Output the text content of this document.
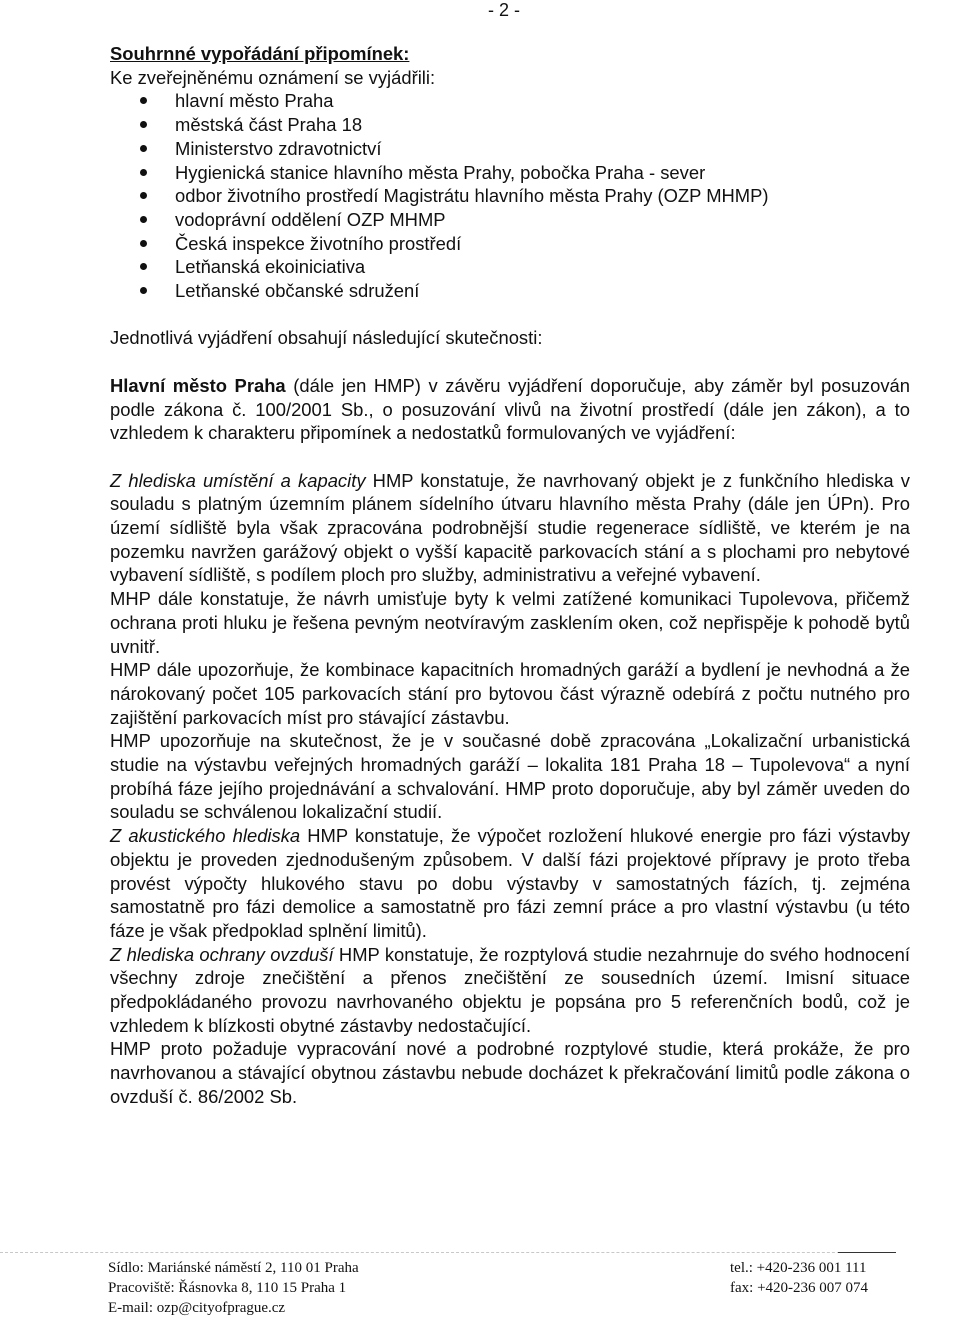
- 2 -

Souhrnné vypořádání připomínek:

Ke zveřejněnému oznámení se vyjádřili:

hlavní město Praha
městská část Praha 18
Ministerstvo zdravotnictví
Hygienická stanice hlavního města Prahy, pobočka Praha - sever
odbor životního prostředí Magistrátu hlavního města Prahy (OZP MHMP)
vodoprávní oddělení OZP MHMP
Česká inspekce životního prostředí
Letňanská ekoiniciativa
Letňanské občanské sdružení

Jednotlivá vyjádření obsahují následující skutečnosti:

Hlavní město Praha (dále jen HMP) v závěru vyjádření doporučuje, aby záměr byl posuzován podle zákona č. 100/2001 Sb., o posuzování vlivů na životní prostředí (dále jen zákon), a to vzhledem k charakteru připomínek a nedostatků formulovaných ve vyjádření:

Z hlediska umístění a kapacity HMP konstatuje, že navrhovaný objekt je z funkčního hlediska v souladu s platným územním plánem sídelního útvaru hlavního města Prahy (dále jen ÚPn). Pro území sídliště byla však zpracována podrobnější studie regenerace sídliště, ve kterém je na pozemku navržen garážový objekt o vyšší kapacitě parkovacích stání a s plochami pro nebytové vybavení sídliště, s podílem ploch pro služby, administrativu a veřejné vybavení.

MHP dále konstatuje, že návrh umisťuje byty k velmi zatížené komunikaci Tupolevova, přičemž ochrana proti hluku je řešena pevným neotvíravým zasklením oken, což nepřispěje k pohodě bytů uvnitř.

HMP dále upozorňuje, že kombinace kapacitních hromadných garáží a bydlení je nevhodná a že nárokovaný počet 105 parkovacích stání pro bytovou část výrazně odebírá z počtu nutného pro zajištění parkovacích míst pro stávající zástavbu.

HMP upozorňuje na skutečnost, že je v současné době zpracována „Lokalizační urbanistická studie na výstavbu veřejných hromadných garáží – lokalita 181 Praha 18 – Tupolevova“ a nyní probíhá fáze jejího projednávání a schvalování. HMP proto doporučuje, aby byl záměr uveden do souladu se schválenou lokalizační studií.

Z akustického hlediska HMP konstatuje, že výpočet rozložení hlukové energie pro fázi výstavby objektu je proveden zjednodušeným způsobem. V další fázi projektové přípravy je proto třeba provést výpočty hlukového stavu po dobu výstavby v samostatných fázích, tj. zejména samostatně pro fázi demolice a samostatně pro fázi zemní práce a pro vlastní výstavbu (u této fáze je však předpoklad splnění limitů).

Z hlediska ochrany ovzduší HMP konstatuje, že rozptylová studie nezahrnuje do svého hodnocení všechny zdroje znečištění a přenos znečištění ze sousedních území. Imisní situace předpokládaného provozu navrhovaného objektu je popsána pro 5 referenčních bodů, což je vzhledem k blízkosti obytné zástavby nedostačující.

HMP proto požaduje vypracování nové a podrobné rozptylové studie, která prokáže, že pro navrhovanou a stávající obytnou zástavbu nebude docházet k překračování limitů podle zákona o ovzduší č. 86/2002 Sb.

Sídlo: Mariánské náměstí 2, 110 01 Praha
Pracoviště: Řásnovka 8, 110 15 Praha 1
E-mail: ozp@cityofprague.cz
tel.: +420-236 001 111
fax: +420-236 007 074
